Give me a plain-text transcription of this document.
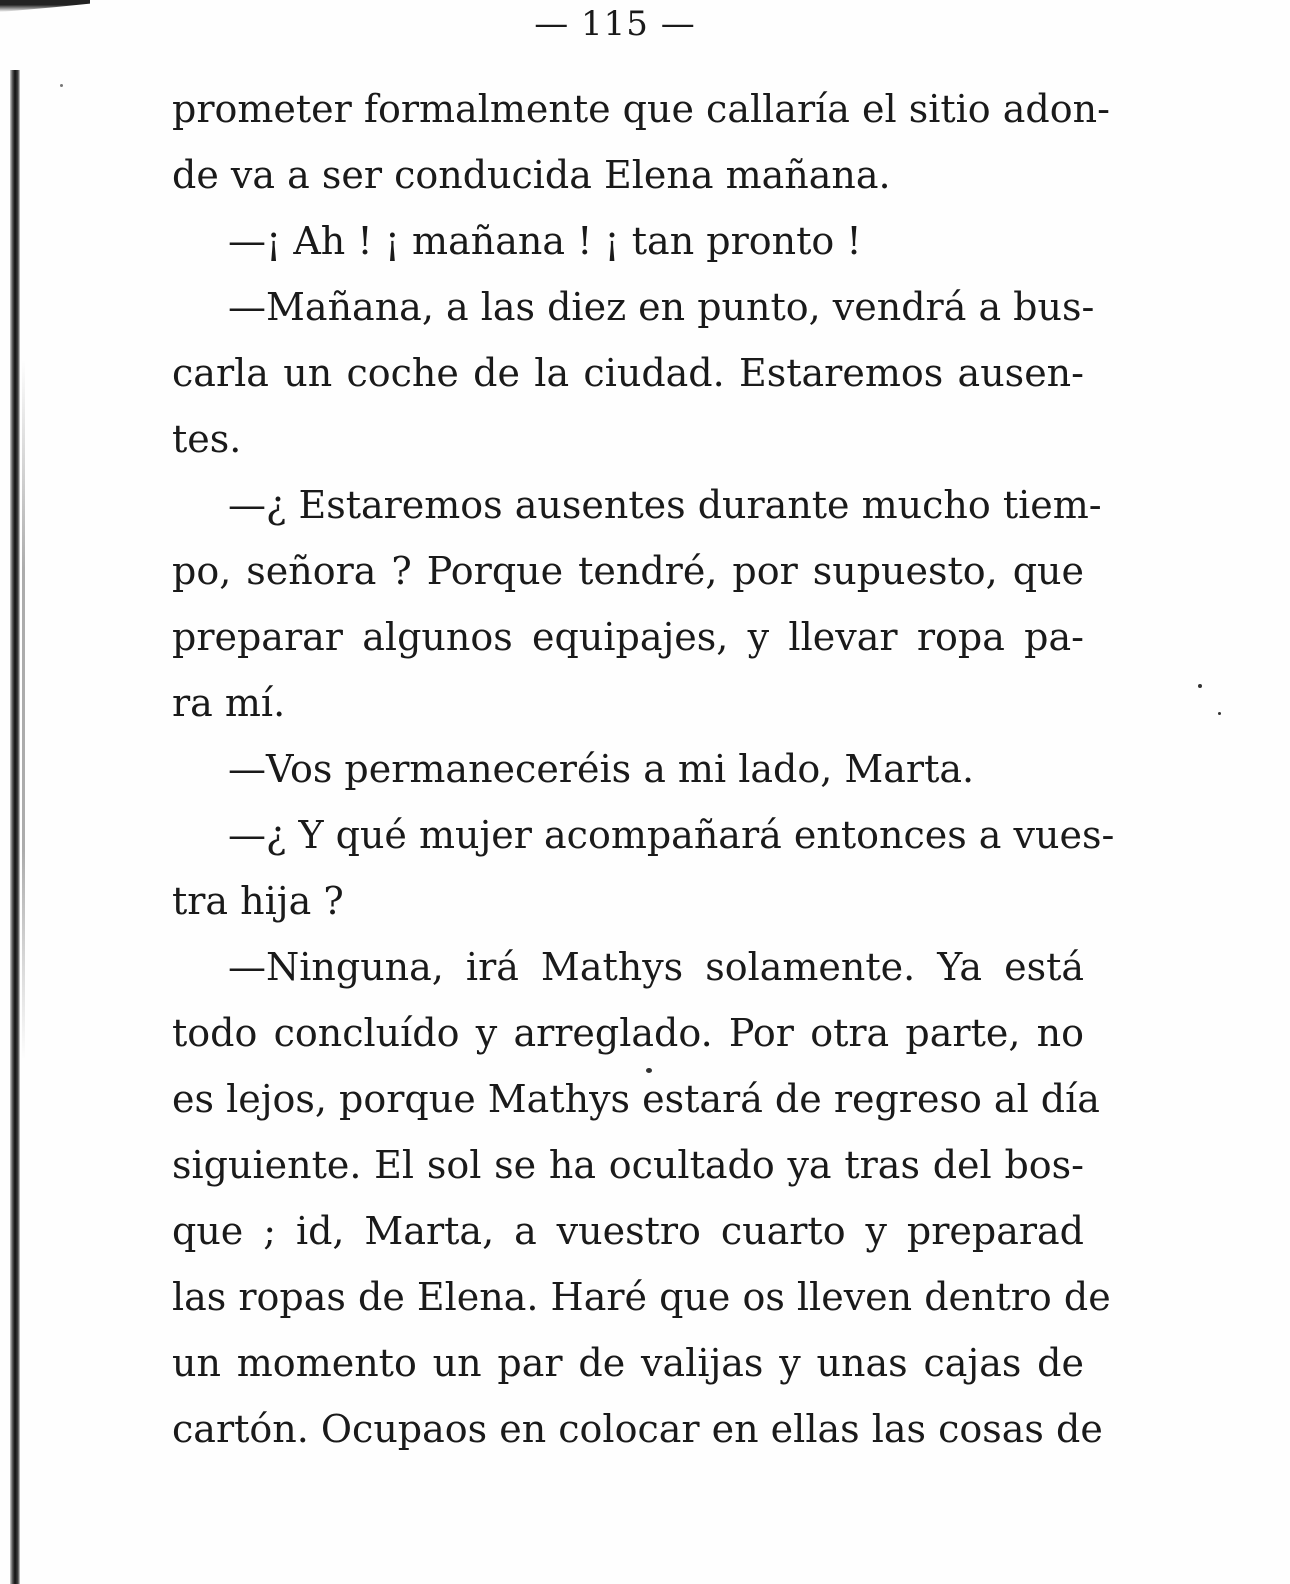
— 115 —
prometer formalmente que callaría el sitio adon-
de va a ser conducida Elena mañana.
—¡ Ah ! ¡ mañana ! ¡ tan pronto !
—Mañana, a las diez en punto, vendrá a bus-
carla un coche de la ciudad. Estaremos ausen-
tes.
—¿ Estaremos ausentes durante mucho tiem-
po, señora ? Porque tendré, por supuesto, que
preparar algunos equipajes, y llevar ropa pa-
ra mí.
—Vos permaneceréis a mi lado, Marta.
—¿ Y qué mujer acompañará entonces a vues-
tra hija ?
—Ninguna, irá Mathys solamente. Ya está
todo concluído y arreglado. Por otra parte, no
es lejos, porque Mathys estará de regreso al día
siguiente. El sol se ha ocultado ya tras del bos-
que ; id, Marta, a vuestro cuarto y preparad
las ropas de Elena. Haré que os lleven dentro de
un momento un par de valijas y unas cajas de
cartón. Ocupaos en colocar en ellas las cosas de
